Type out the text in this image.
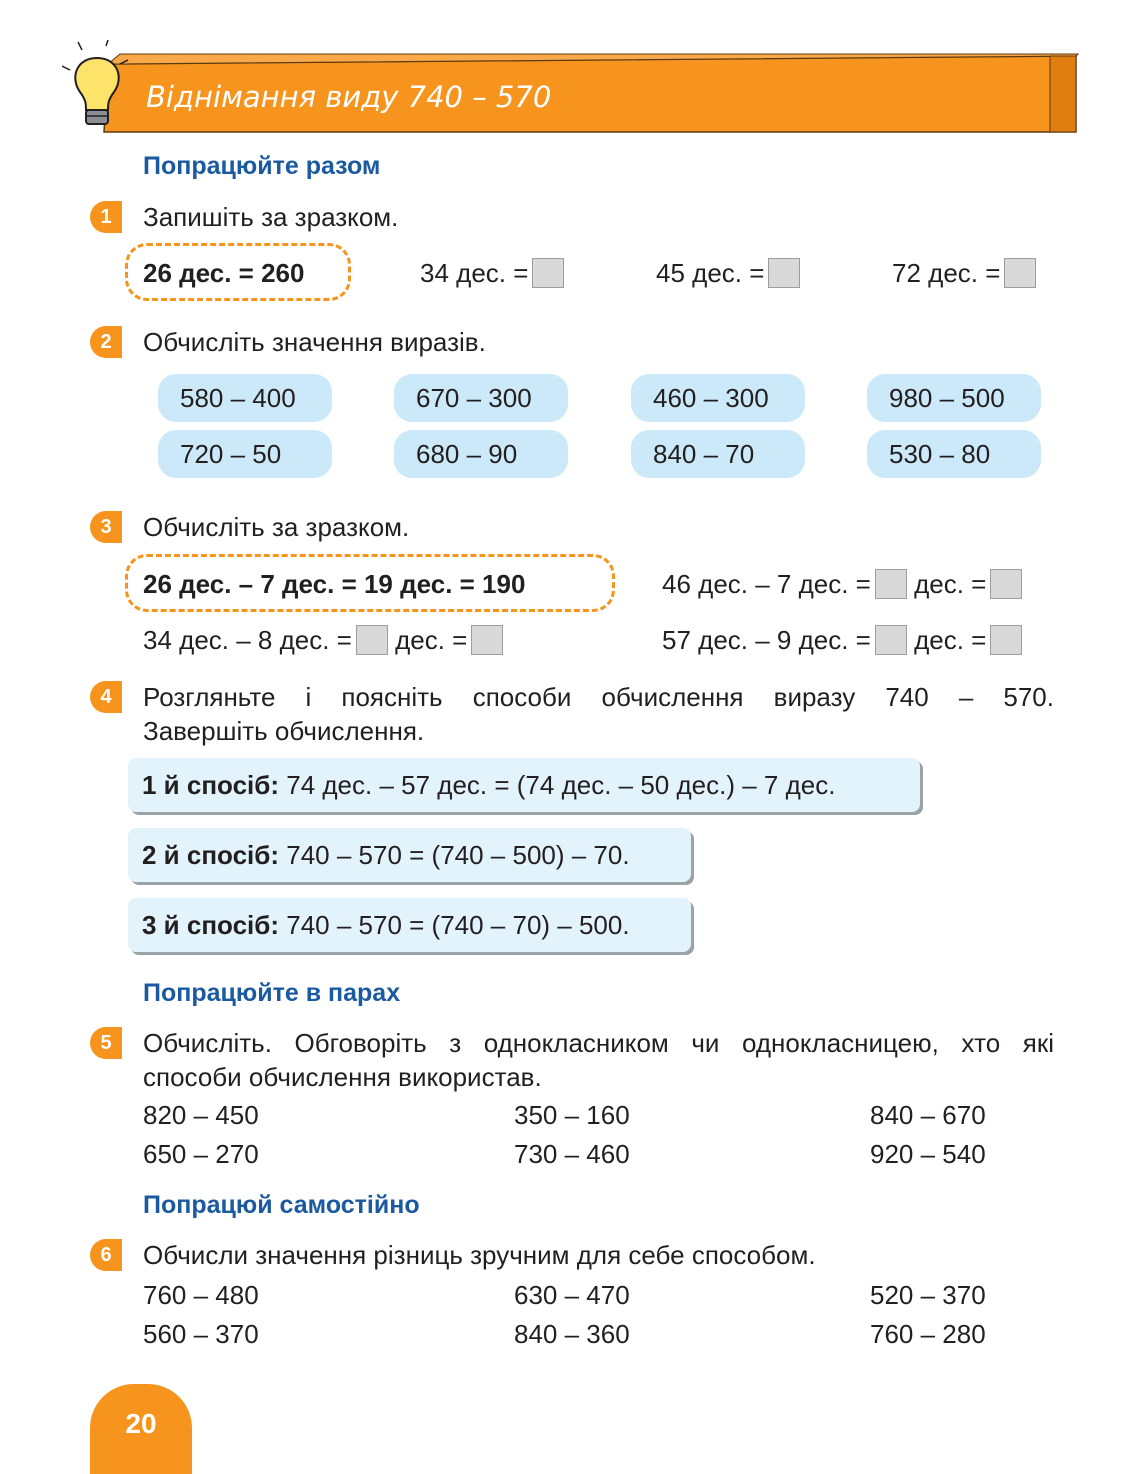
Віднімання виду 740 – 570
Попрацюйте разом
1	Запишіть за зразком.
26 дес. = 260	34 дес. =	45 дес. =	72 дес. =
2	Обчисліть значення виразів.
580 – 400	670 – 300	460 – 300	980 – 500
720 – 50	680 – 90	840 – 70	530 – 80
3	Обчисліть за зразком.
26 дес. – 7 дес. = 19 дес. = 190	46 дес. – 7 дес. = дес. =
34 дес. – 8 дес. = дес. =	57 дес. – 9 дес. = дес. =
4	Розгляньте і поясніть способи обчислення виразу 740 – 570.
Завершіть обчислення.
1 й спосіб: 74 дес. – 57 дес. = (74 дес. – 50 дес.) – 7 дес.
2 й спосіб: 740 – 570 = (740 – 500) – 70.
3 й спосіб: 740 – 570 = (740 – 70) – 500.
Попрацюйте в парах
5	Обчисліть. Обговоріть з однокласником чи однокласницею, хто які
способи обчислення використав.
820 – 450	350 – 160	840 – 670
650 – 270	730 – 460	920 – 540
Попрацюй самостійно
6	Обчисли значення різниць зручним для себе способом.
760 – 480	630 – 470	520 – 370
560 – 370	840 – 360	760 – 280
20
